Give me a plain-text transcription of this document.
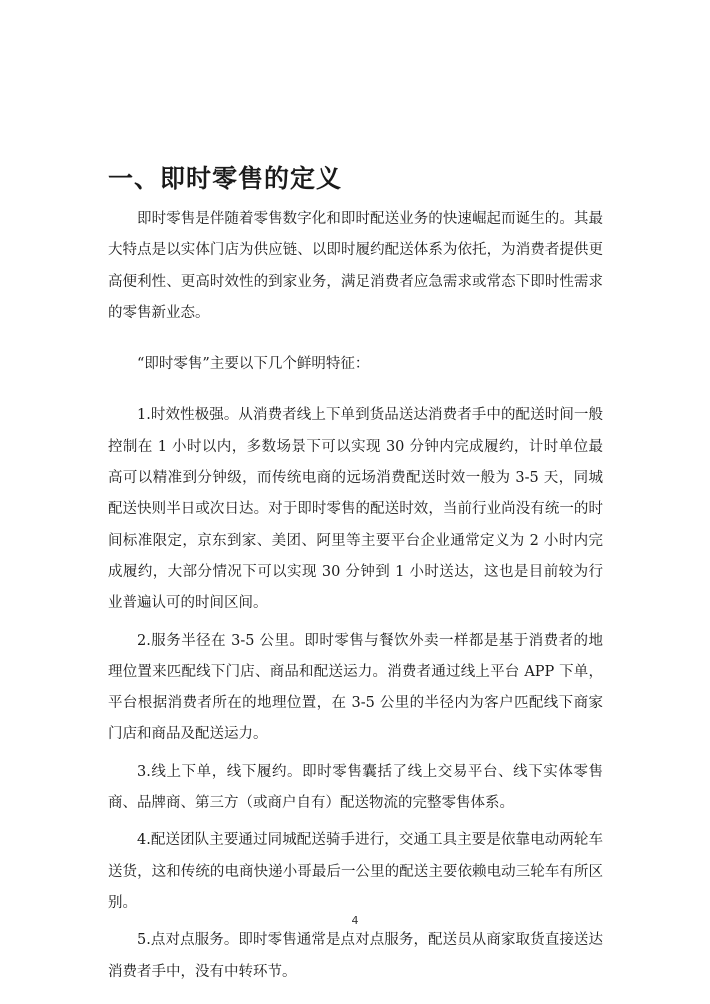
一、即时零售的定义

即时零售是伴随着零售数字化和即时配送业务的快速崛起而诞生的。其最大特点是以实体门店为供应链、以即时履约配送体系为依托，为消费者提供更高便利性、更高时效性的到家业务，满足消费者应急需求或常态下即时性需求的零售新业态。

“即时零售”主要以下几个鲜明特征：

1.时效性极强。从消费者线上下单到货品送达消费者手中的配送时间一般控制在 1 小时以内，多数场景下可以实现 30 分钟内完成履约，计时单位最高可以精准到分钟级，而传统电商的远场消费配送时效一般为 3-5 天，同城配送快则半日或次日达。对于即时零售的配送时效，当前行业尚没有统一的时间标准限定，京东到家、美团、阿里等主要平台企业通常定义为 2 小时内完成履约，大部分情况下可以实现 30 分钟到 1 小时送达，这也是目前较为行业普遍认可的时间区间。

2.服务半径在 3-5 公里。即时零售与餐饮外卖一样都是基于消费者的地理位置来匹配线下门店、商品和配送运力。消费者通过线上平台 APP 下单，平台根据消费者所在的地理位置，在 3-5 公里的半径内为客户匹配线下商家门店和商品及配送运力。

3.线上下单，线下履约。即时零售囊括了线上交易平台、线下实体零售商、品牌商、第三方（或商户自有）配送物流的完整零售体系。

4.配送团队主要通过同城配送骑手进行，交通工具主要是依靠电动两轮车送货，这和传统的电商快递小哥最后一公里的配送主要依赖电动三轮车有所区别。

5.点对点服务。即时零售通常是点对点服务，配送员从商家取货直接送达消费者手中，没有中转环节。

4
